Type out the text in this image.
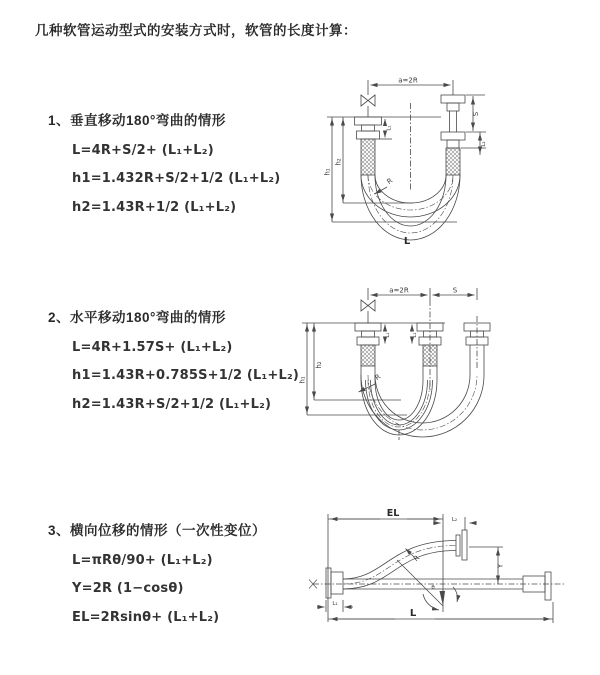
几种软管运动型式的安装方式时，软管的长度计算：
1、垂直移动180°弯曲的情形
L=4R+S/2+ (L₁+L₂)
h1=1.432R+S/2+1/2 (L₁+L₂)
h2=1.43R+1/2 (L₁+L₂)
2、水平移动180°弯曲的情形
L=4R+1.57S+ (L₁+L₂)
h1=1.43R+0.785S+1/2 (L₁+L₂)
h2=1.43R+S/2+1/2 (L₁+L₂)
3、横向位移的情形（一次性变位）
L=πRθ/90+ (L₁+L₂)
Y=2R (1−cosθ)
EL=2Rsinθ+ (L₁+L₂)
a=2R
L₁
h₁
h₂
S
L₂
R
L
a=2R	S
L₁	L₁
h₁
h₂
R
EL
L₂
Y
R
θ
L₁
L
